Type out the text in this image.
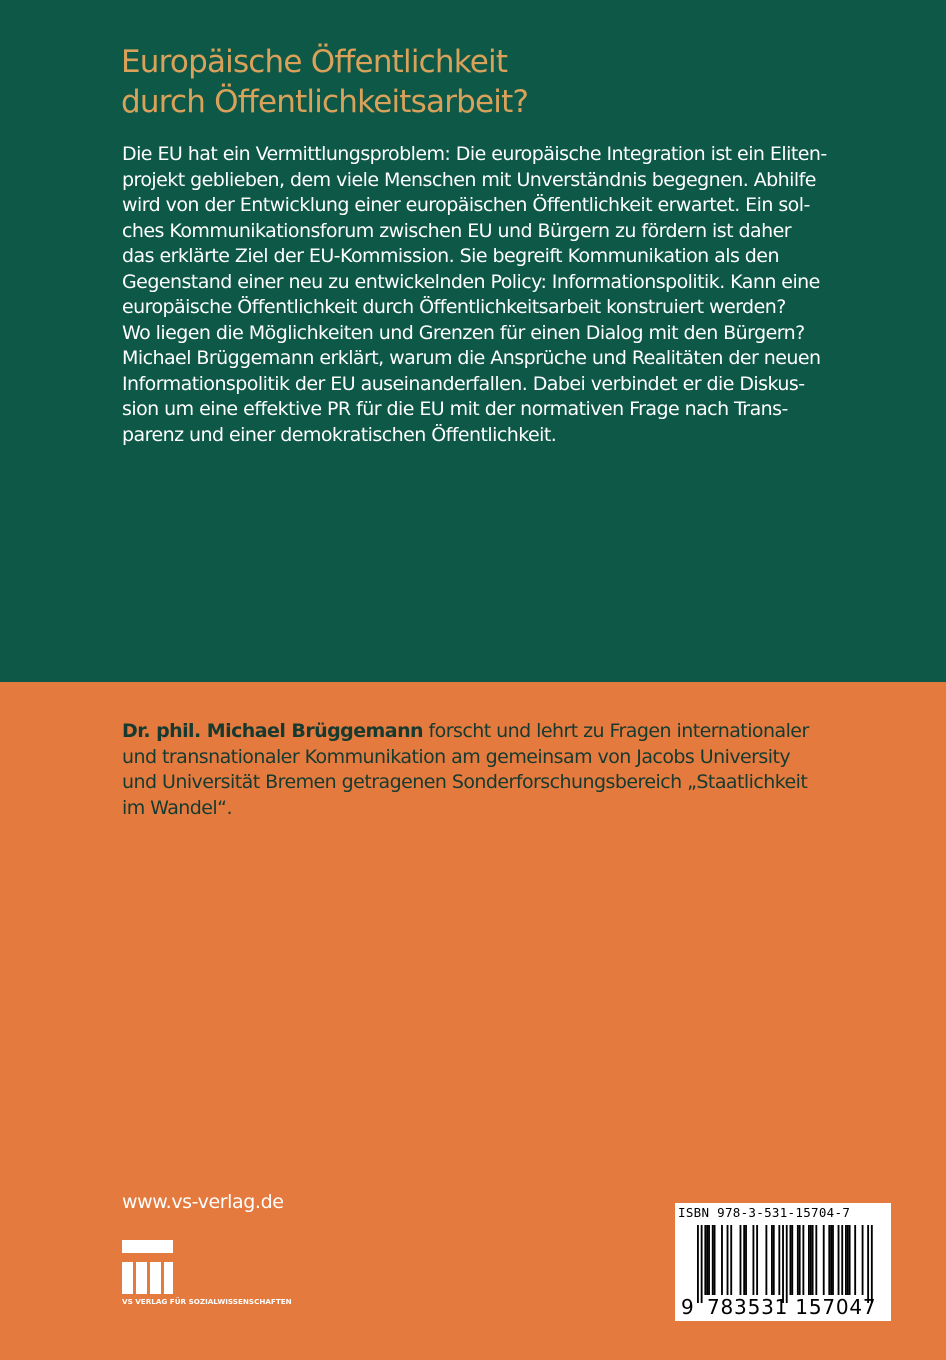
Europäische Öffentlichkeit
durch Öffentlichkeitsarbeit?
Die EU hat ein Vermittlungsproblem: Die europäische Integration ist ein Eliten-
projekt geblieben, dem viele Menschen mit Unverständnis begegnen. Abhilfe
wird von der Entwicklung einer europäischen Öffentlichkeit erwartet. Ein sol-
ches Kommunikationsforum zwischen EU und Bürgern zu fördern ist daher
das erklärte Ziel der EU-Kommission. Sie begreift Kommunikation als den
Gegenstand einer neu zu entwickelnden Policy: Informationspolitik. Kann eine
europäische Öffentlichkeit durch Öffentlichkeitsarbeit konstruiert werden?
Wo liegen die Möglichkeiten und Grenzen für einen Dialog mit den Bürgern?
Michael Brüggemann erklärt, warum die Ansprüche und Realitäten der neuen
Informationspolitik der EU auseinanderfallen. Dabei verbindet er die Diskus-
sion um eine effektive PR für die EU mit der normativen Frage nach Trans-
parenz und einer demokratischen Öffentlichkeit.
Dr. phil. Michael Brüggemann forscht und lehrt zu Fragen internationaler
und transnationaler Kommunikation am gemeinsam von Jacobs University
und Universität Bremen getragenen Sonderforschungsbereich „Staatlichkeit
im Wandel“.
www.vs-verlag.de
VS VERLAG FÜR SOZIALWISSENSCHAFTEN
ISBN 978-3-531-15704-7
9 783531 157047
